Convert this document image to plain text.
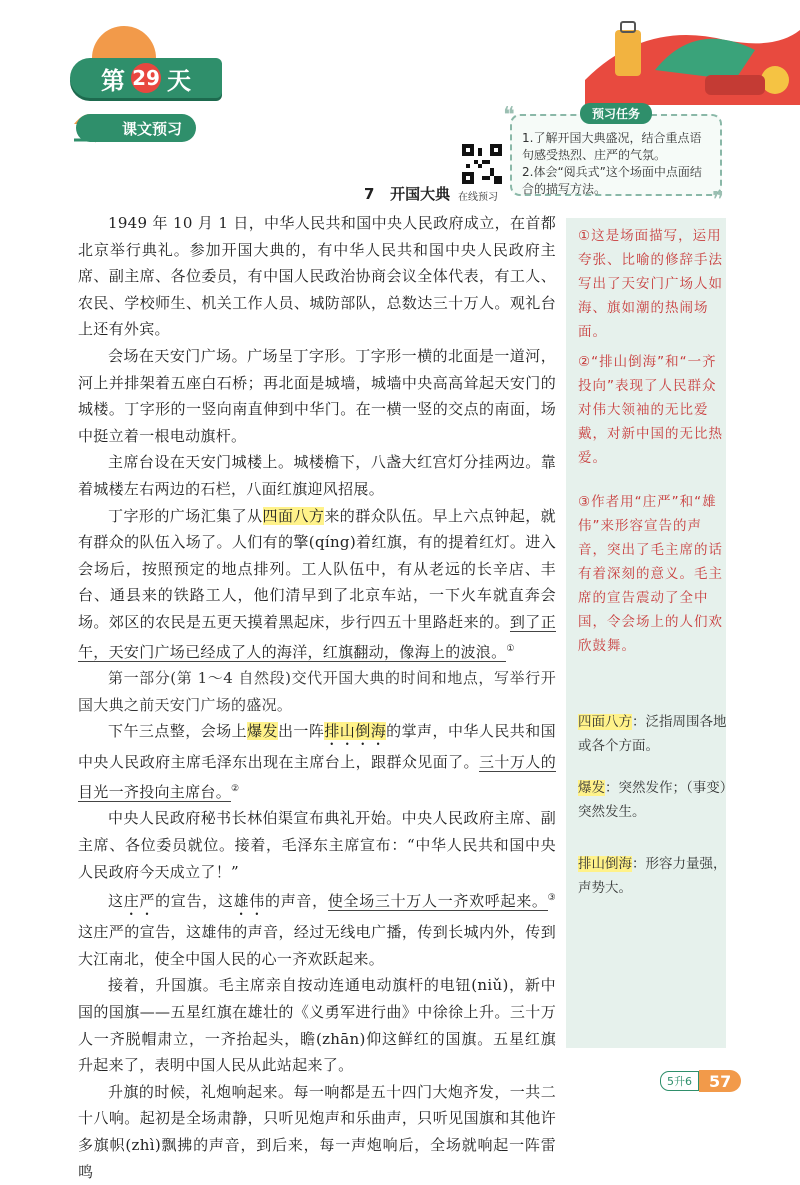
第 29 天
课文预习
1.了解开国大典盛况，结合重点语句感受热烈、庄严的气氛。
2.体会“阅兵式”这个场面中点面结合的描写方法。
预习任务
❝
❞
在线预习
7 开国大典
①这是场面描写，运用夸张、比喻的修辞手法写出了天安门广场人如海、旗如潮的热闹场面。
②“排山倒海”和“一齐投向”表现了人民群众对伟大领袖的无比爱戴，对新中国的无比热爱。
③作者用“庄严”和“雄伟”来形容宣告的声音，突出了毛主席的话有着深刻的意义。毛主席的宣告震动了全中国，令会场上的人们欢欣鼓舞。
四面八方：泛指周围各地或各个方面。
爆发：突然发作；（事变）突然发生。
排山倒海：形容力量强，声势大。

1949 年 10 月 1 日，中华人民共和国中央人民政府成立，在首都北京举行典礼。参加开国大典的，有中华人民共和国中央人民政府主席、副主席、各位委员，有中国人民政治协商会议全体代表，有工人、农民、学校师生、机关工作人员、城防部队，总数达三十万人。观礼台上还有外宾。

会场在天安门广场。广场呈丁字形。丁字形一横的北面是一道河，河上并排架着五座白石桥；再北面是城墙，城墙中央高高耸起天安门的城楼。丁字形的一竖向南直伸到中华门。在一横一竖的交点的南面，场中挺立着一根电动旗杆。

主席台设在天安门城楼上。城楼檐下，八盏大红宫灯分挂两边。靠着城楼左右两边的石栏，八面红旗迎风招展。

丁字形的广场汇集了从四面八方来的群众队伍。早上六点钟起，就有群众的队伍入场了。人们有的擎(qíng)着红旗，有的提着红灯。进入会场后，按照预定的地点排列。工人队伍中，有从老远的长辛店、丰台、通县来的铁路工人，他们清早到了北京车站，一下火车就直奔会场。郊区的农民是五更天摸着黑起床，步行四五十里路赶来的。到了正午，天安门广场已经成了人的海洋，红旗翻动，像海上的波浪。①

第一部分(第 1～4 自然段)交代开国大典的时间和地点，写举行开国大典之前天安门广场的盛况。

下午三点整，会场上爆发出一阵排山倒海的掌声，中华人民共和国中央人民政府主席毛泽东出现在主席台上，跟群众见面了。三十万人的目光一齐投向主席台。②

中央人民政府秘书长林伯渠宣布典礼开始。中央人民政府主席、副主席、各位委员就位。接着，毛泽东主席宣布：“中华人民共和国中央人民政府今天成立了！”

这庄严的宣告，这雄伟的声音，使全场三十万人一齐欢呼起来。③这庄严的宣告，这雄伟的声音，经过无线电广播，传到长城内外，传到大江南北，使全中国人民的心一齐欢跃起来。

接着，升国旗。毛主席亲自按动连通电动旗杆的电钮(niǔ)，新中国的国旗——五星红旗在雄壮的《义勇军进行曲》中徐徐上升。三十万人一齐脱帽肃立，一齐抬起头，瞻(zhān)仰这鲜红的国旗。五星红旗升起来了，表明中国人民从此站起来了。

升旗的时候，礼炮响起来。每一响都是五十四门大炮齐发，一共二十八响。起初是全场肃静，只听见炮声和乐曲声，只听见国旗和其他许多旗帜(zhì)飘拂的声音，到后来，每一声炮响后，全场就响起一阵雷鸣

5升6	57
